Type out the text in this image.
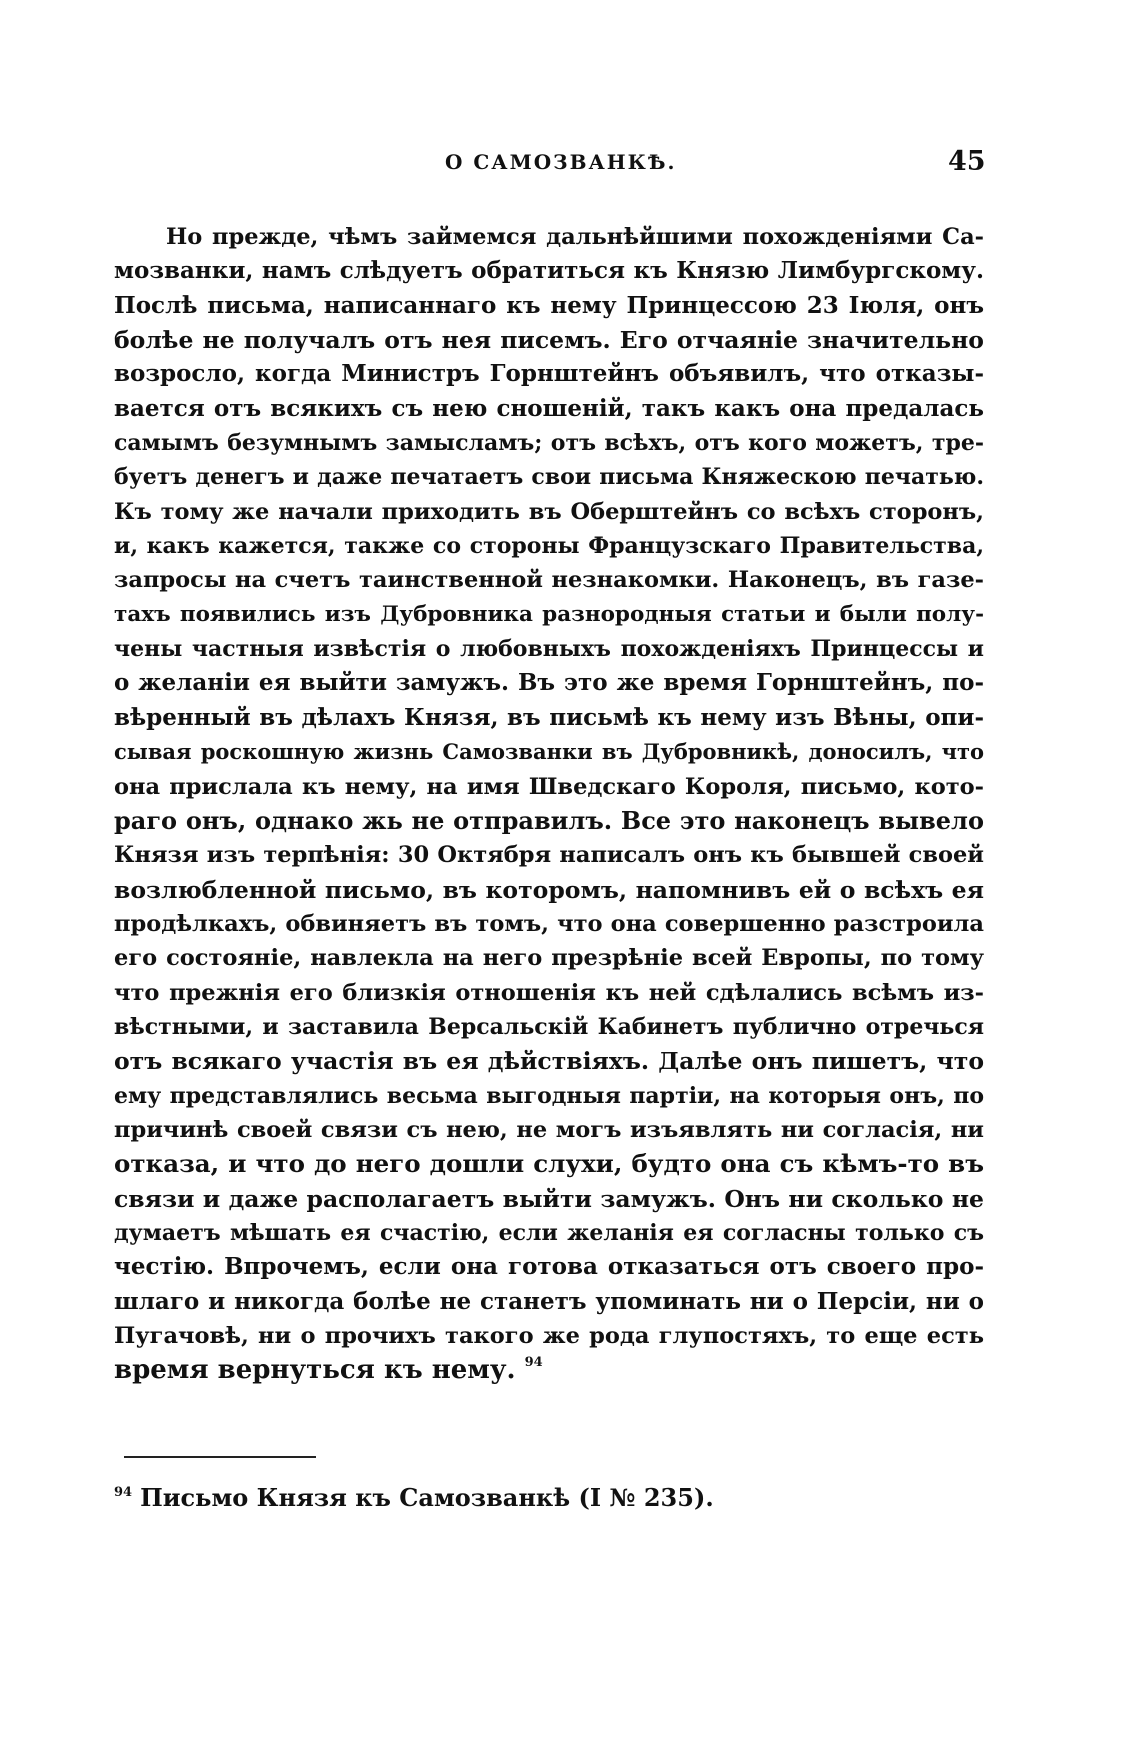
О САМОЗВАНКѢ.	45
Но прежде, чѣмъ займемся дальнѣйшими похожденіями Са-
мозванки, намъ слѣдуетъ обратиться къ Князю Лимбургскому.
Послѣ письма, написаннаго къ нему Принцессою 23 Іюля, онъ
болѣе не получалъ отъ нея писемъ. Его отчаяніе значительно
возросло, когда Министръ Горнштейнъ объявилъ, что отказы-
вается отъ всякихъ съ нею сношеній, такъ какъ она предалась
самымъ безумнымъ замысламъ; отъ всѣхъ, отъ кого можетъ, тре-
буетъ денегъ и даже печатаетъ свои письма Княжескою печатью.
Къ тому же начали приходить въ Оберштейнъ со всѣхъ сторонъ,
и, какъ кажется, также со стороны Французскаго Правительства,
запросы на счетъ таинственной незнакомки. Наконецъ, въ газе-
тахъ появились изъ Дубровника разнородныя статьи и были полу-
чены частныя извѣстія о любовныхъ похожденіяхъ Принцессы и
о желаніи ея выйти замужъ. Въ это же время Горнштейнъ, по-
вѣренный въ дѣлахъ Князя, въ письмѣ къ нему изъ Вѣны, опи-
сывая роскошную жизнь Самозванки въ Дубровникѣ, доносилъ, что
она прислала къ нему, на имя Шведскаго Короля, письмо, кото-
раго онъ, однако жь не отправилъ. Все это наконецъ вывело
Князя изъ терпѣнія: 30 Октября написалъ онъ къ бывшей своей
возлюбленной письмо, въ которомъ, напомнивъ ей о всѣхъ ея
продѣлкахъ, обвиняетъ въ томъ, что она совершенно разстроила
его состояніе, навлекла на него презрѣніе всей Европы, по тому
что прежнія его близкія отношенія къ ней сдѣлались всѣмъ из-
вѣстными, и заставила Версальскій Кабинетъ публично отречься
отъ всякаго участія въ ея дѣйствіяхъ. Далѣе онъ пишетъ, что
ему представлялись весьма выгодныя партіи, на которыя онъ, по
причинѣ своей связи съ нею, не могъ изъявлять ни согласія, ни
отказа, и что до него дошли слухи, будто она съ кѣмъ-то въ
связи и даже располагаетъ выйти замужъ. Онъ ни сколько не
думаетъ мѣшать ея счастію, если желанія ея согласны только съ
честію. Впрочемъ, если она готова отказаться отъ своего про-
шлаго и никогда болѣе не станетъ упоминать ни о Персіи, ни о
Пугачовѣ, ни о прочихъ такого же рода глупостяхъ, то еще есть
время вернуться къ нему. $^{94}$
$^{94}$ Письмо Князя къ Самозванкѣ (I № 235).
